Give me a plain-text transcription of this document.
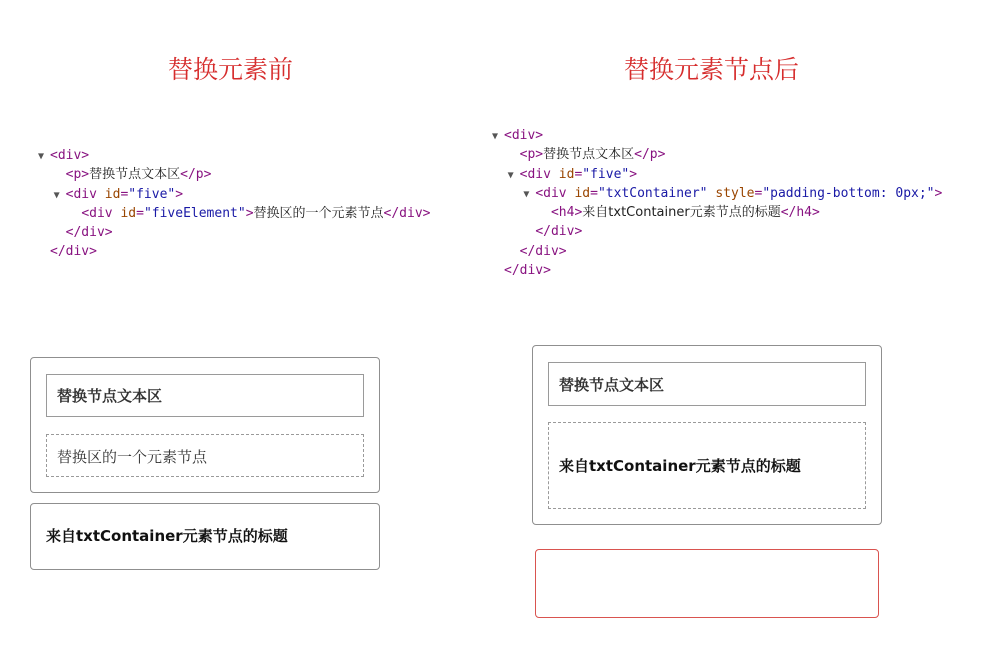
替换元素前	替换元素节点后
▼ <div>
<p>替换节点文本区</p>
▼ <div id="five">
<div id="fiveElement">替换区的一个元素节点</div>
</div>
</div>
▼ <div>
<p>替换节点文本区</p>
▼ <div id="five">
▼ <div id="txtContainer" style="padding-bottom: 0px;">
<h4>来自txtContainer元素节点的标题</h4>
</div>
</div>
</div>
替换节点文本区
替换区的一个元素节点
来自txtContainer元素节点的标题
替换节点文本区
来自txtContainer元素节点的标题
